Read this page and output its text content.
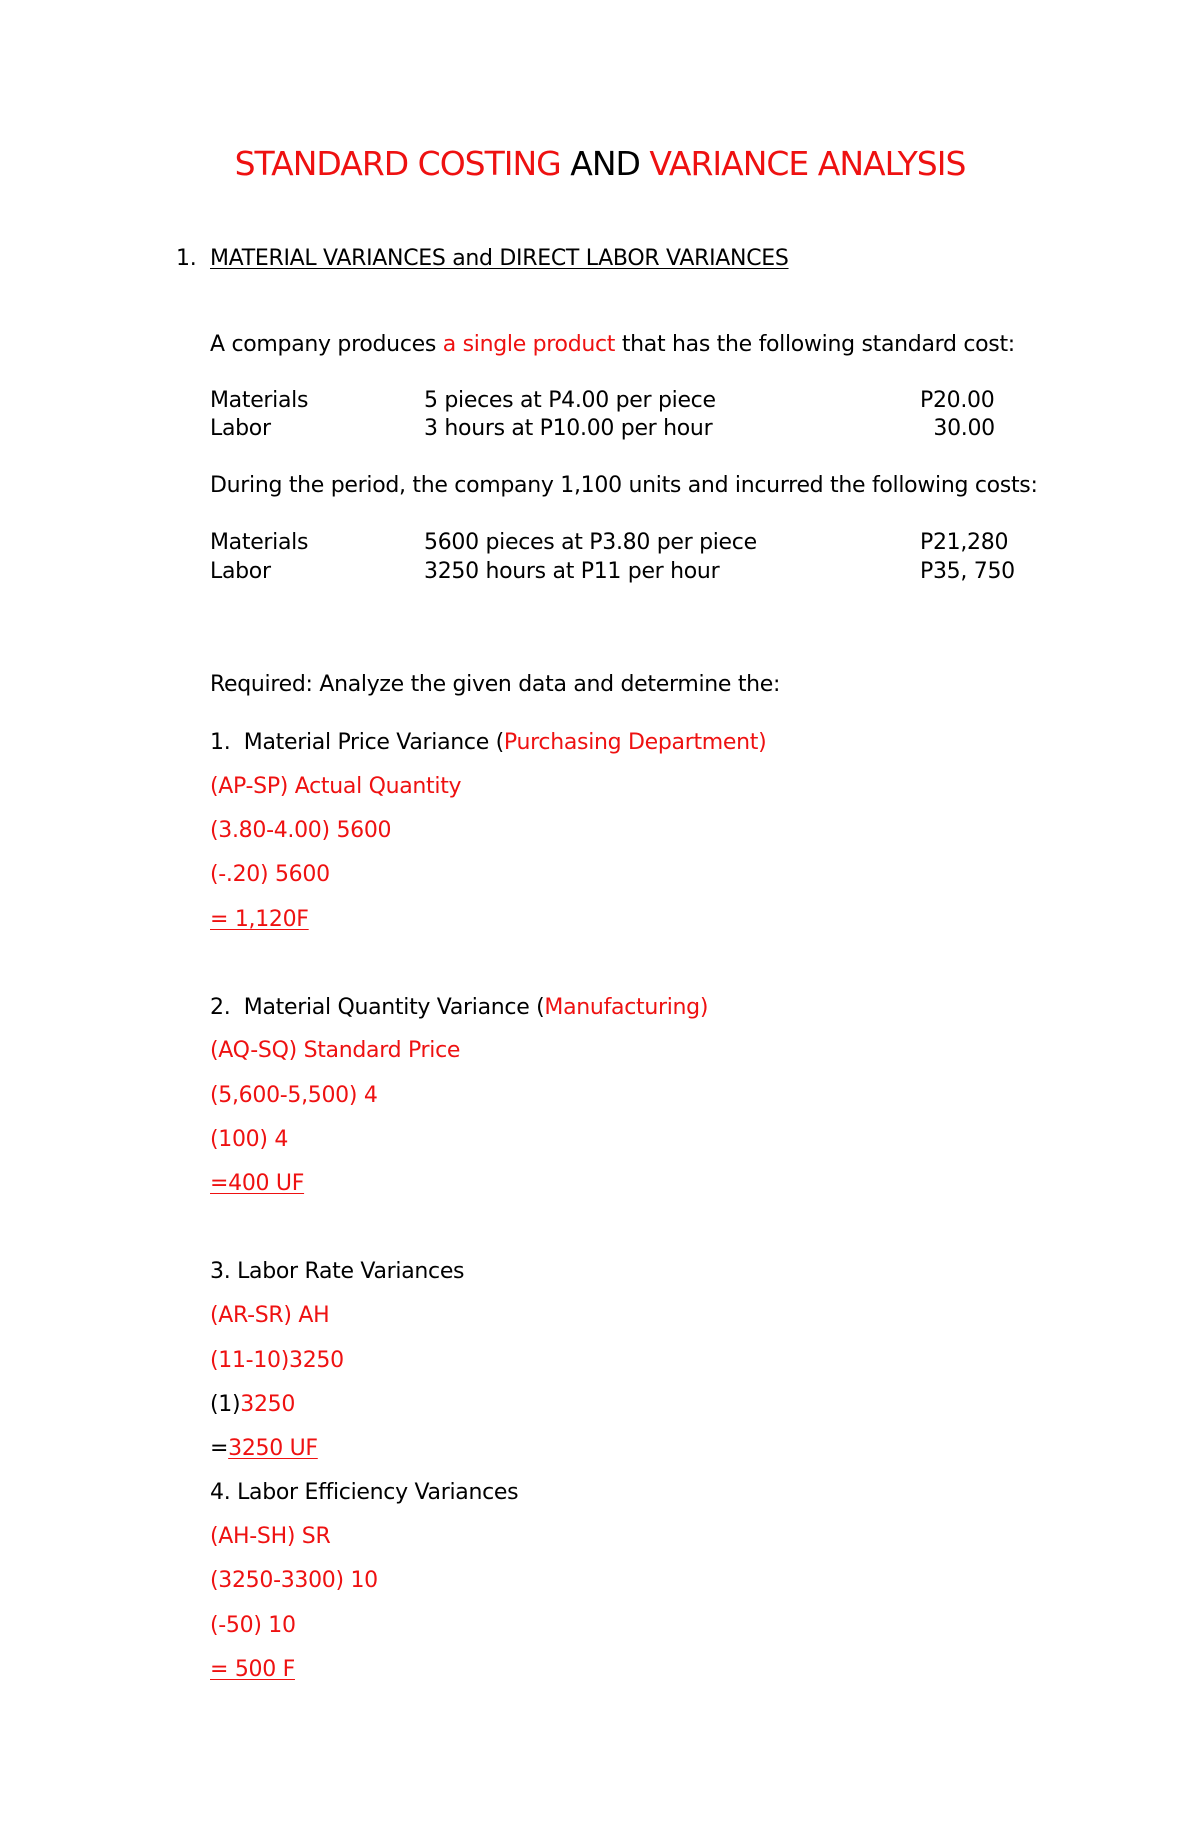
STANDARD COSTING AND VARIANCE ANALYSIS
1. MATERIAL VARIANCES and DIRECT LABOR VARIANCES
A company produces a single product that has the following standard cost:
Materials	5 pieces at P4.00 per piece	P20.00
Labor	3 hours at P10.00 per hour	30.00
During the period, the company 1,100 units and incurred the following costs:
Materials	5600 pieces at P3.80 per piece	P21,280
Labor	3250 hours at P11 per hour	P35, 750
Required: Analyze the given data and determine the:
1.  Material Price Variance (Purchasing Department)
(AP-SP) Actual Quantity
(3.80-4.00) 5600
(-.20) 5600
= 1,120F
2.  Material Quantity Variance (Manufacturing)
(AQ-SQ) Standard Price
(5,600-5,500) 4
(100) 4
=400 UF
3. Labor Rate Variances
(AR-SR) AH
(11-10)3250
(1)3250
=3250 UF
4. Labor Efficiency Variances
(AH-SH) SR
(3250-3300) 10
(-50) 10
= 500 F
